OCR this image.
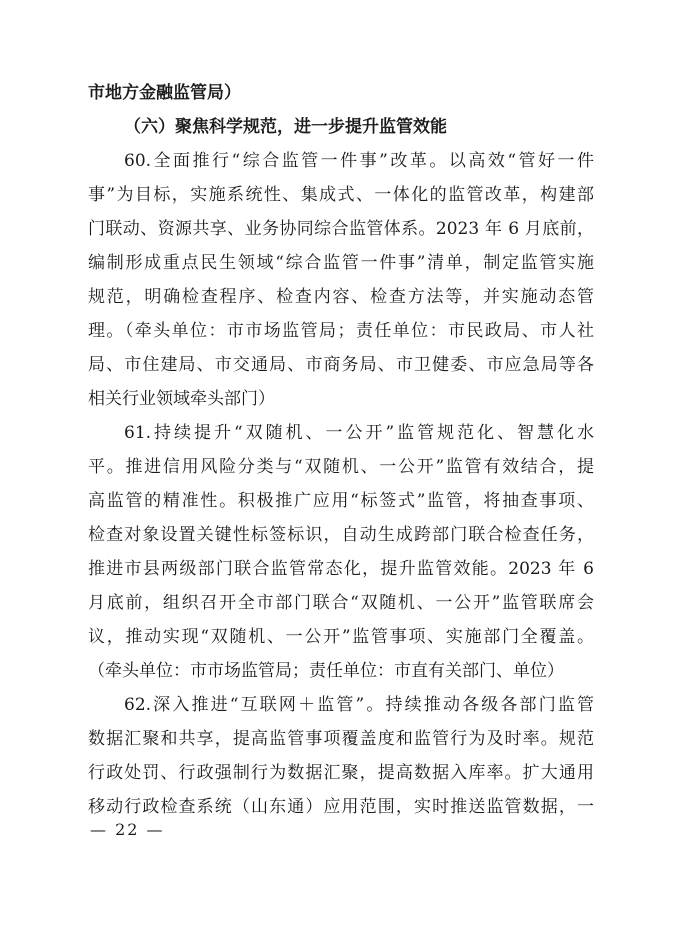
市地方金融监管局）
（六）聚焦科学规范，进一步提升监管效能
60.全面推行“综合监管一件事”改革。以高效“管好一件
事”为目标，实施系统性、集成式、一体化的监管改革，构建部
门联动、资源共享、业务协同综合监管体系。2023 年 6 月底前，
编制形成重点民生领域“综合监管一件事”清单，制定监管实施
规范，明确检查程序、检查内容、检查方法等，并实施动态管
理。（牵头单位：市市场监管局；责任单位：市民政局、市人社
局、市住建局、市交通局、市商务局、市卫健委、市应急局等各
相关行业领域牵头部门）
61.持续提升“双随机、一公开”监管规范化、智慧化水
平。推进信用风险分类与“双随机、一公开”监管有效结合，提
高监管的精准性。积极推广应用“标签式”监管，将抽查事项、
检查对象设置关键性标签标识，自动生成跨部门联合检查任务，
推进市县两级部门联合监管常态化，提升监管效能。2023 年 6
月底前，组织召开全市部门联合“双随机、一公开”监管联席会
议，推动实现“双随机、一公开”监管事项、实施部门全覆盖。
（牵头单位：市市场监管局；责任单位：市直有关部门、单位）
62.深入推进“互联网＋监管”。持续推动各级各部门监管
数据汇聚和共享，提高监管事项覆盖度和监管行为及时率。规范
行政处罚、行政强制行为数据汇聚，提高数据入库率。扩大通用
移动行政检查系统（山东通）应用范围，实时推送监管数据，一
— 22 —
